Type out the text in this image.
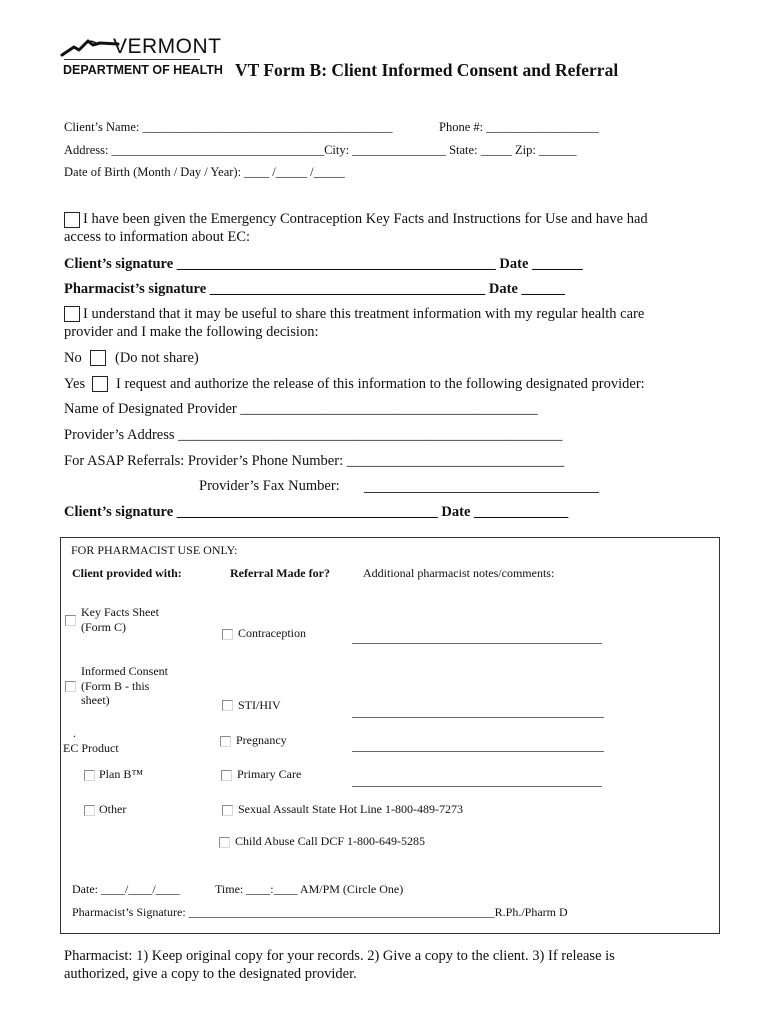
VERMONT
DEPARTMENT OF HEALTH VT Form B: Client Informed Consent and Referral
Client’s Name: ________________________________________	Phone #: __________________
Address: __________________________________City: _______________ State: _____ Zip: ______
Date of Birth (Month / Day / Year): ____ /_____ /_____
I have been given the Emergency Contraception Key Facts and Instructions for Use and have had
access to information about EC:
Client’s signature ____________________________________________ Date _______
Pharmacist’s signature ______________________________________ Date ______
I understand that it may be useful to share this treatment information with my regular health care
provider and I make the following decision:
No (Do not share)
Yes I request and authorize the release of this information to the following designated provider:
Name of Designated Provider _________________________________________
Provider’s Address _____________________________________________________
For ASAP Referrals: Provider’s Phone Number: ______________________________
Provider’s Fax Number:
Client’s signature ____________________________________ Date _____________
FOR PHARMACIST USE ONLY:
Client provided with:	Referral Made for?	Additional pharmacist notes/comments:
Key Facts Sheet
(Form C)
Informed Consent
(Form B - this
sheet)
.
EC Product
Plan B™
Other
Contraception
STI/HIV
Pregnancy
Primary Care
Sexual Assault State Hot Line 1-800-489-7273
Child Abuse Call DCF 1-800-649-5285
Date: ____/____/____	Time: ____:____ AM/PM (Circle One)
Pharmacist’s Signature: ___________________________________________________R.Ph./Pharm D
Pharmacist: 1) Keep original copy for your records. 2) Give a copy to the client. 3) If release is
authorized, give a copy to the designated provider.
